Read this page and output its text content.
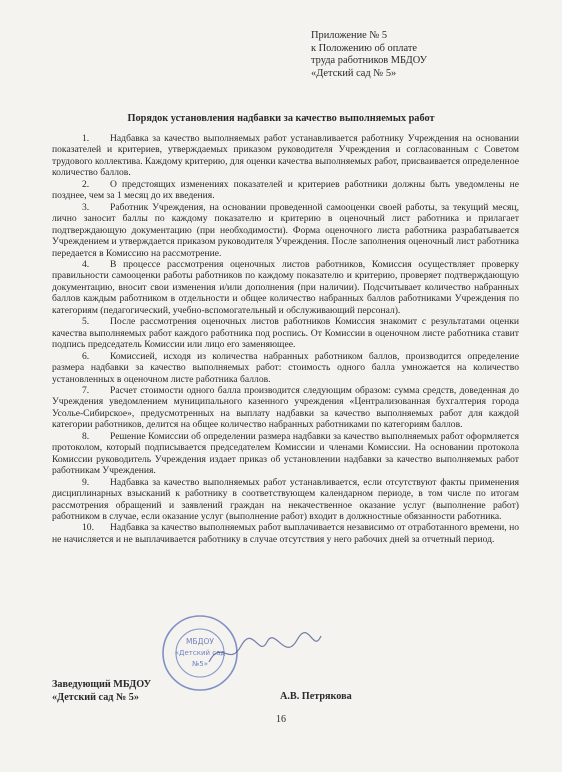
Приложение № 5
к Положению об оплате
труда работников МБДОУ
«Детский сад № 5»
Порядок установления надбавки за качество выполняемых работ

1. Надбавка за качество выполняемых работ устанавливается работнику Учреждения на основании показателей и критериев, утверждаемых приказом руководителя Учреждения и согласованным с Советом трудового коллектива. Каждому критерию, для оценки качества выполняемых работ, присваивается определенное количество баллов.

2. О предстоящих изменениях показателей и критериев работники должны быть уведомлены не позднее, чем за 1 месяц до их введения.

3. Работник Учреждения, на основании проведенной самооценки своей работы, за текущий месяц, лично заносит баллы по каждому показателю и критерию в оценочный лист работника и прилагает подтверждающую документацию (при необходимости). Форма оценочного листа работника разрабатывается Учреждением и утверждается приказом руководителя Учреждения. После заполнения оценочный лист работника передается в Комиссию на рассмотрение.

4. В процессе рассмотрения оценочных листов работников, Комиссия осуществляет проверку правильности самооценки работы работников по каждому показателю и критерию, проверяет подтверждающую документацию, вносит свои изменения и/или дополнения (при наличии). Подсчитывает количество набранных баллов каждым работником в отдельности и общее количество набранных баллов работниками Учреждения по категориям (педагогический, учебно-вспомогательный и обслуживающий персонал).

5. После рассмотрения оценочных листов работников Комиссия знакомит с результатами оценки качества выполняемых работ каждого работника под роспись. От Комиссии в оценочном листе работника ставит подпись председатель Комиссии или лицо его заменяющее.

6. Комиссией, исходя из количества набранных работником баллов, производится определение размера надбавки за качество выполняемых работ: стоимость одного балла умножается на количество установленных в оценочном листе работника баллов.

7. Расчет стоимости одного балла производится следующим образом: сумма средств, доведенная до Учреждения уведомлением муниципального казенного учреждения «Централизованная бухгалтерия города Усолье-Сибирское», предусмотренных на выплату надбавки за качество выполняемых работ для каждой категории работников, делится на общее количество набранных работниками по категориям баллов.

8. Решение Комиссии об определении размера надбавки за качество выполняемых работ оформляется протоколом, который подписывается председателем Комиссии и членами Комиссии. На основании протокола Комиссии руководитель Учреждения издает приказ об установлении надбавки за качество выполняемых работ работникам Учреждения.

9. Надбавка за качество выполняемых работ устанавливается, если отсутствуют факты применения дисциплинарных взысканий к работнику в соответствующем календарном периоде, в том числе по итогам рассмотрения обращений и заявлений граждан на некачественное оказание услуг (выполнение работ) работником в случае, если оказание услуг (выполнение работ) входит в должностные обязанности работника.

10. Надбавка за качество выполняемых работ выплачивается независимо от отработанного времени, но не начисляется и не выплачивается работнику в случае отсутствия у него рабочих дней за отчетный период.

МБДОУ
«Детский сад
№5»
Заведующий МБДОУ
«Детский сад № 5»	А.В. Петрякова
16
